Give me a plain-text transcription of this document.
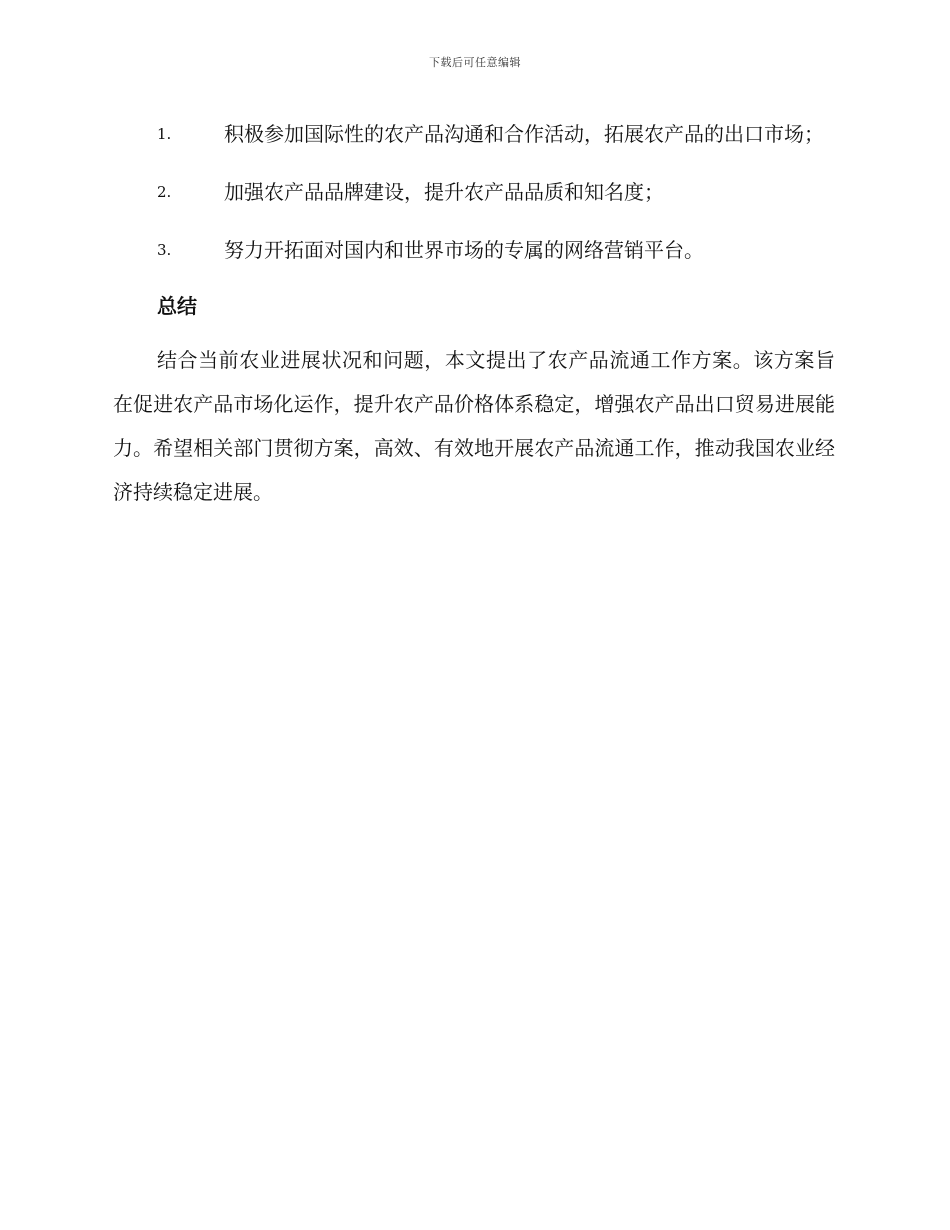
下载后可任意编辑
1.	积极参加国际性的农产品沟通和合作活动，拓展农产品的出口市场；
2.	加强农产品品牌建设，提升农产品品质和知名度；
3.	努力开拓面对国内和世界市场的专属的网络营销平台。
总结

结合当前农业进展状况和问题，本文提出了农产品流通工作方案。该方案旨在促进农产品市场化运作，提升农产品价格体系稳定，增强农产品出口贸易进展能力。希望相关部门贯彻方案，高效、有效地开展农产品流通工作，推动我国农业经济持续稳定进展。
